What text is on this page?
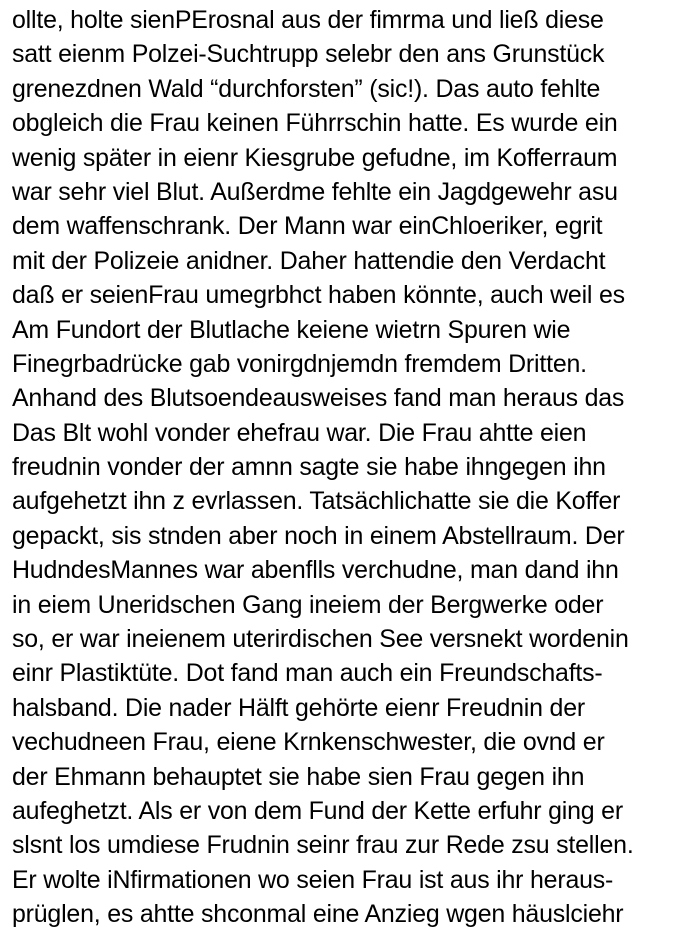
ollte, holte sienPErosnal aus der fimrma und ließ diese
satt eienm Polzei-Suchtrupp selebr den ans Grunstück
grenezdnen Wald “durchforsten” (sic!). Das auto fehlte
obgleich die Frau keinen Führrschin hatte. Es wurde ein
wenig später in eienr Kiesgrube gefudne, im Kofferraum
war sehr viel Blut. Außerdme fehlte ein Jagdgewehr asu
dem waffenschrank. Der Mann war einChloeriker, egrit
mit der Polizeie anidner. Daher hattendie den Verdacht
daß er seienFrau umegrbhct haben könnte, auch weil es
Am Fundort der Blutlache keiene wietrn Spuren wie
Finegrbadrücke gab vonirgdnjemdn fremdem Dritten.
Anhand des Blutsoendeausweises fand man heraus das
Das Blt wohl vonder ehefrau war. Die Frau ahtte eien
freudnin vonder der amnn sagte sie habe ihngegen ihn
aufgehetzt ihn z evrlassen. Tatsächlichatte sie die Koffer
gepackt, sis stnden aber noch in einem Abstellraum. Der
HudndesMannes war abenflls verchudne, man dand ihn
in eiem Uneridschen Gang ineiem der Bergwerke oder
so, er war ineienem uterirdischen See versnekt wordenin
einr Plastiktüte. Dot fand man auch ein Freundschafts-
halsband. Die nader Hälft gehörte eienr Freudnin der
vechudneen Frau, eiene Krnkenschwester, die ovnd er
der Ehmann behauptet sie habe sien Frau gegen ihn
aufeghetzt. Als er von dem Fund der Kette erfuhr ging er
slsnt los umdiese Frudnin seinr frau zur Rede zsu stellen.
Er wolte iNfirmationen wo seien Frau ist aus ihr heraus-
prüglen, es ahtte shconmal eine Anzieg wgen häuslciehr
